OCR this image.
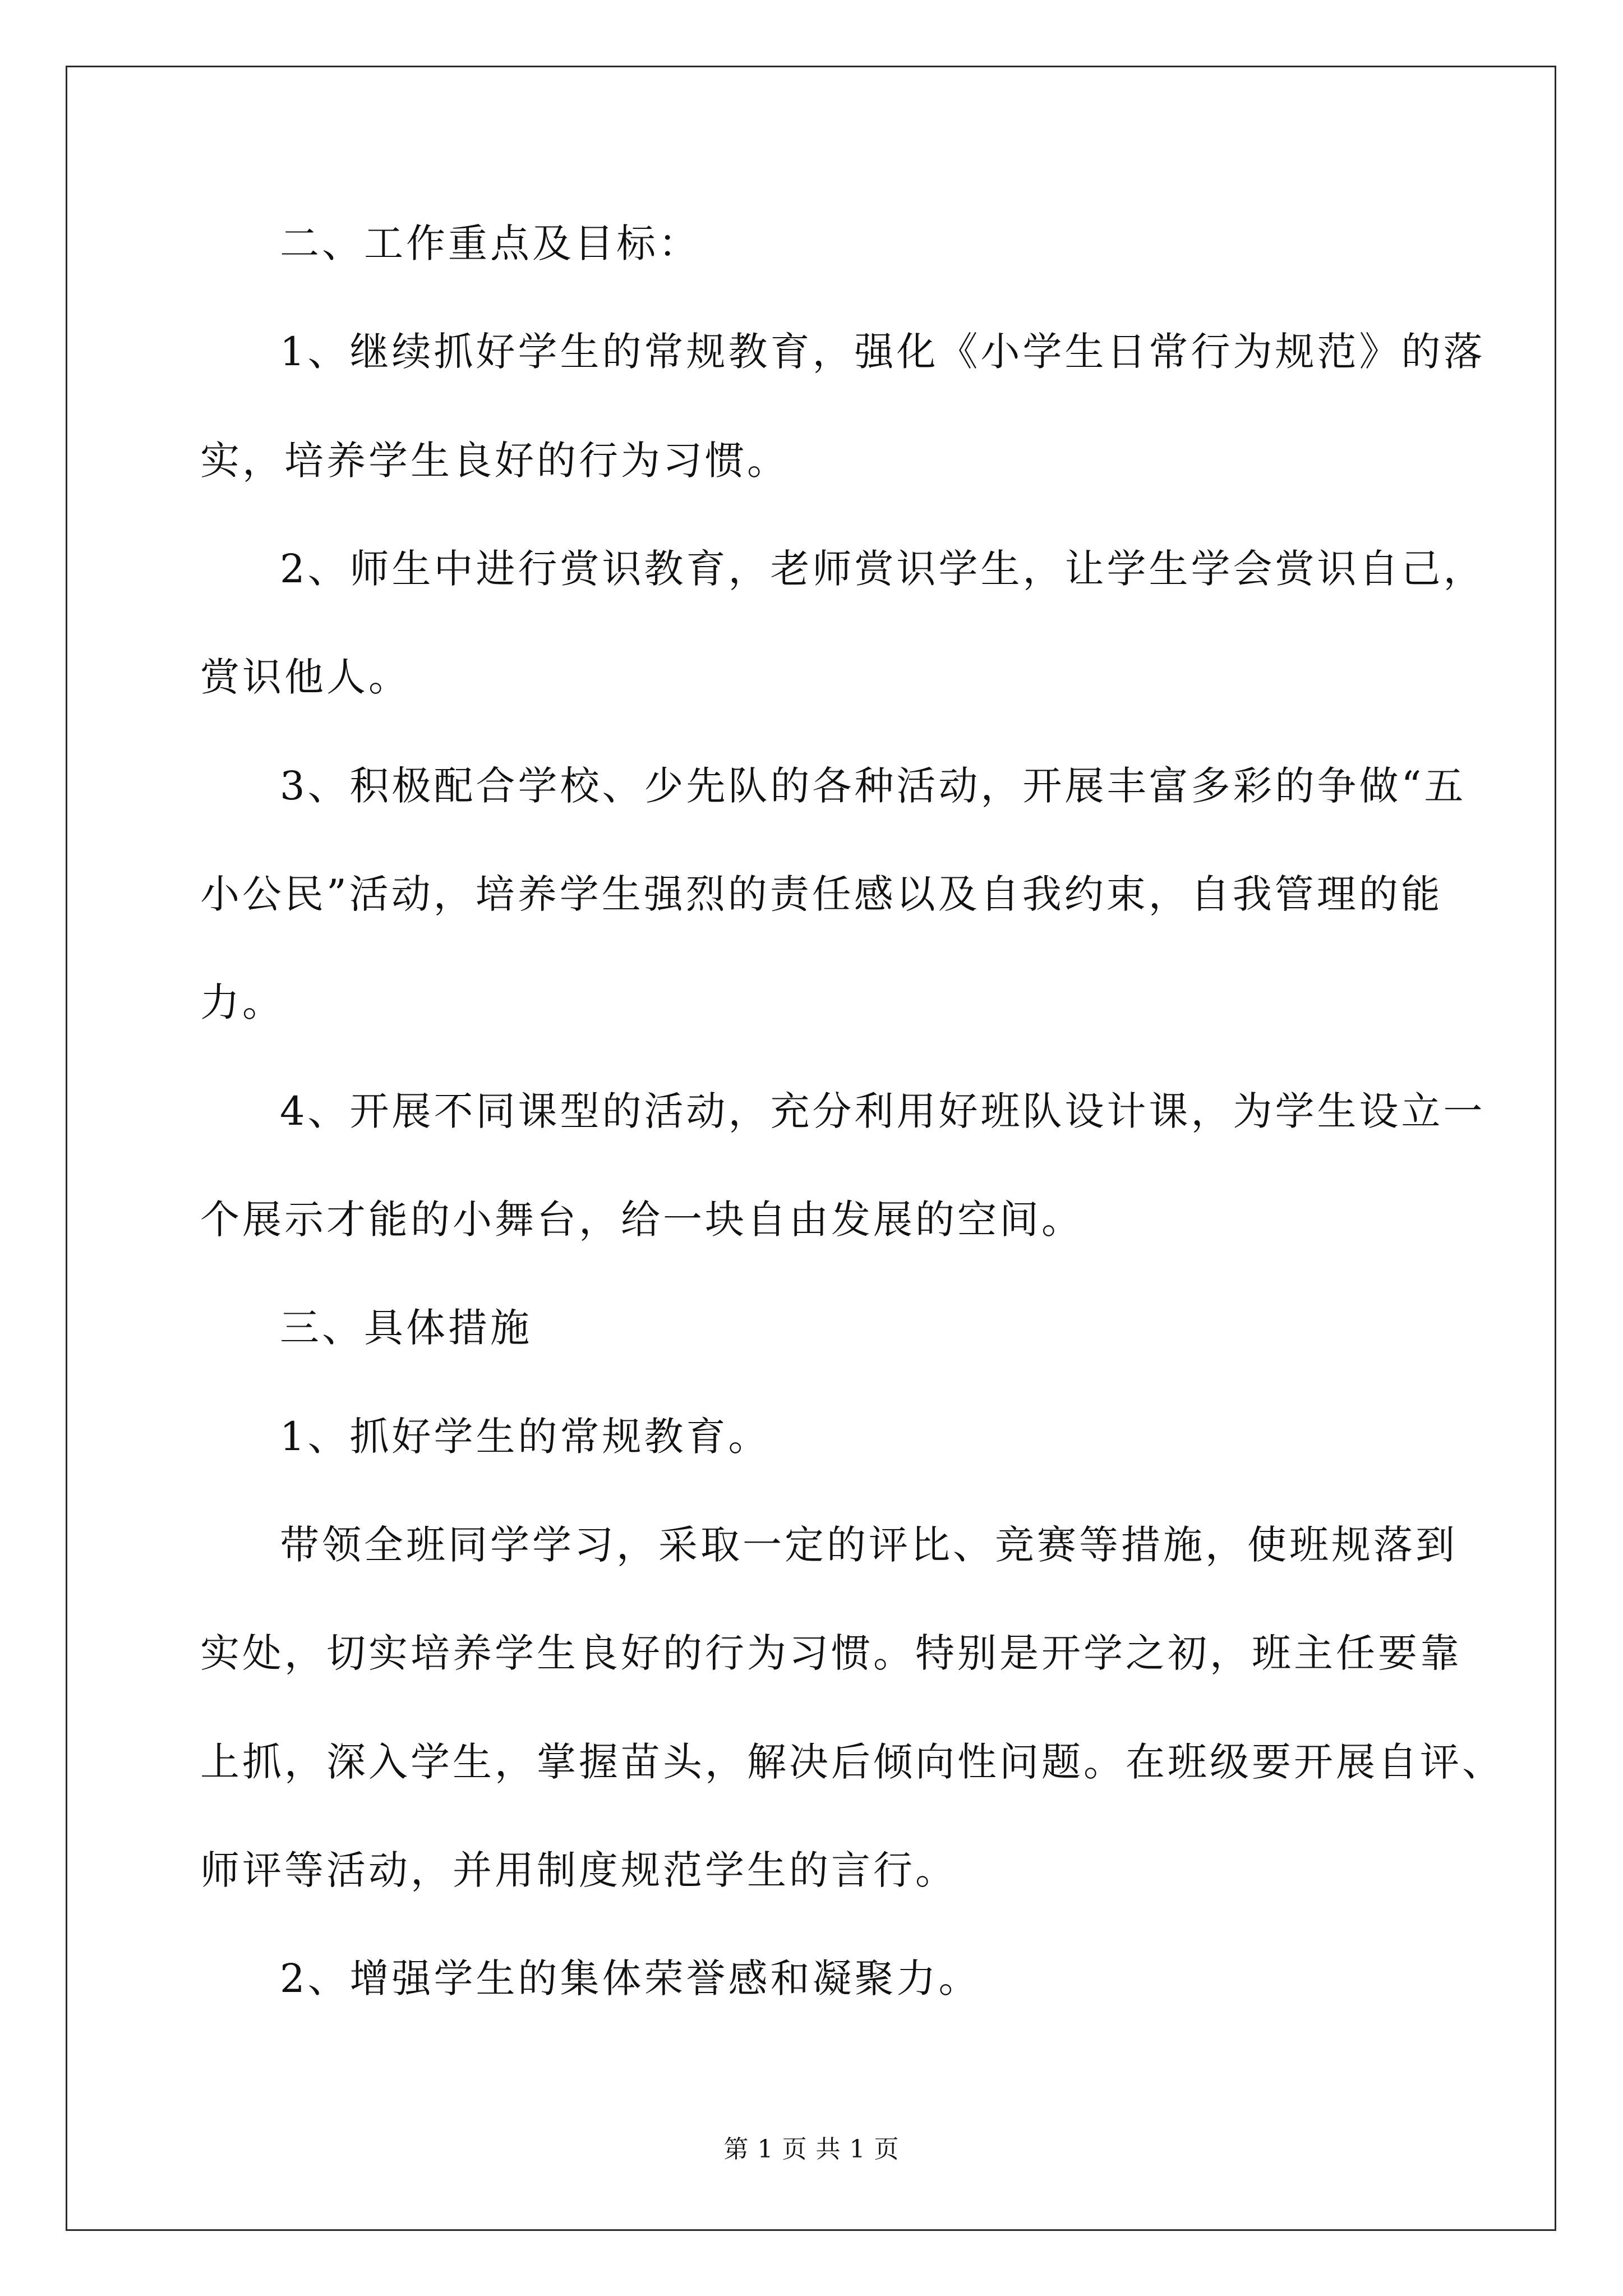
二、工作重点及目标：
1、继续抓好学生的常规教育，强化《小学生日常行为规范》的落
实，培养学生良好的行为习惯。
2、师生中进行赏识教育，老师赏识学生，让学生学会赏识自己，
赏识他人。
3、积极配合学校、少先队的各种活动，开展丰富多彩的争做“五
小公民”活动，培养学生强烈的责任感以及自我约束，自我管理的能
力。
4、开展不同课型的活动，充分利用好班队设计课，为学生设立一
个展示才能的小舞台，给一块自由发展的空间。
三、具体措施
1、抓好学生的常规教育。
带领全班同学学习，采取一定的评比、竞赛等措施，使班规落到
实处，切实培养学生良好的行为习惯。特别是开学之初，班主任要靠
上抓，深入学生，掌握苗头，解决后倾向性问题。在班级要开展自评、
师评等活动，并用制度规范学生的言行。
2、增强学生的集体荣誉感和凝聚力。
第 1 页 共 1 页
